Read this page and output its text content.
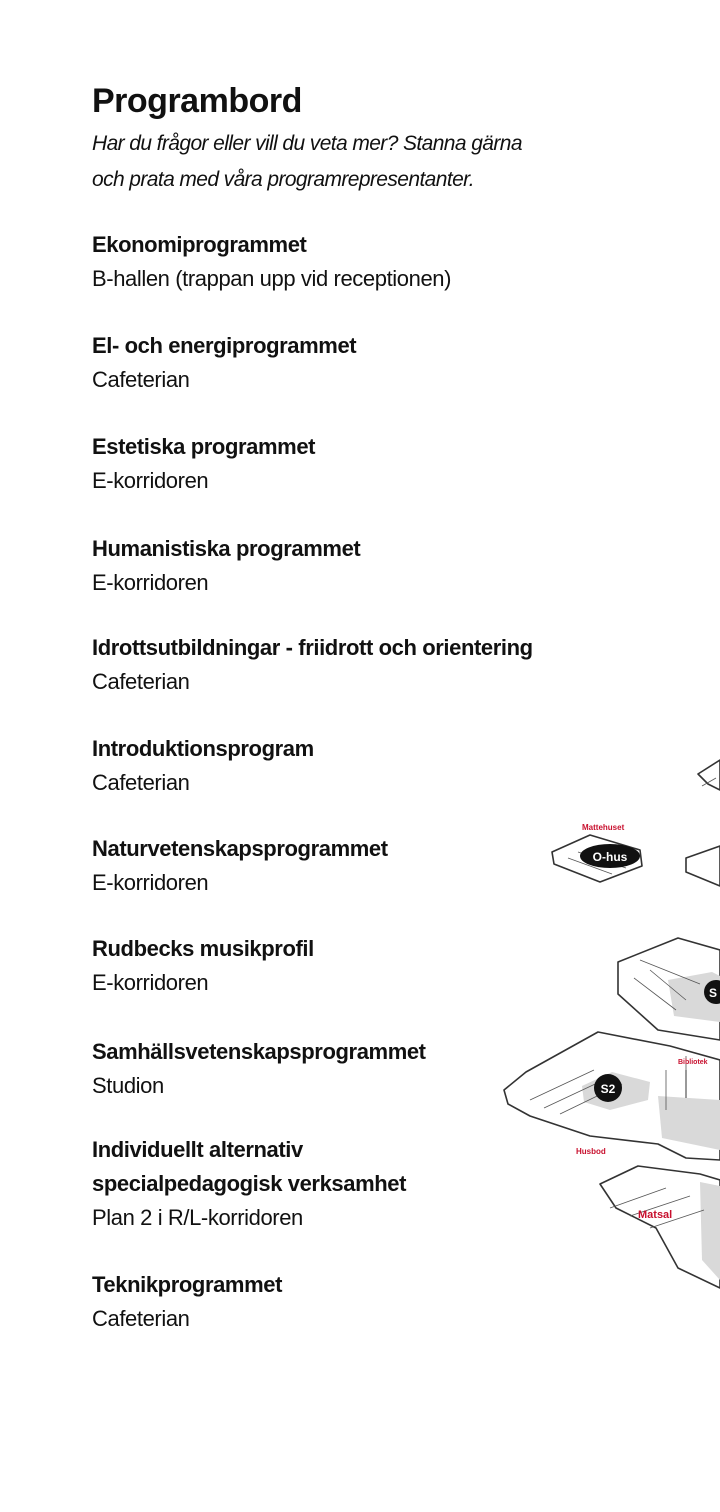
Programbord
Har du frågor eller vill du veta mer? Stanna gärna
och prata med våra programrepresentanter.
Ekonomiprogrammet
B-hallen (trappan upp vid receptionen)
El- och energiprogrammet
Cafeterian
Estetiska programmet
E-korridoren
Humanistiska programmet
E-korridoren
Idrottsutbildningar - friidrott och orientering
Cafeterian
Introduktionsprogram
Cafeterian
Naturvetenskapsprogrammet
E-korridoren
Rudbecks musikprofil
E-korridoren
Samhällsvetenskapsprogrammet
Studion
Individuellt alternativ
specialpedagogisk verksamhet
Plan 2 i R/L-korridoren
Teknikprogrammet
Cafeterian
O-hus
S
S2
Mattehuset
Bibliotek
Husbod
Matsal
